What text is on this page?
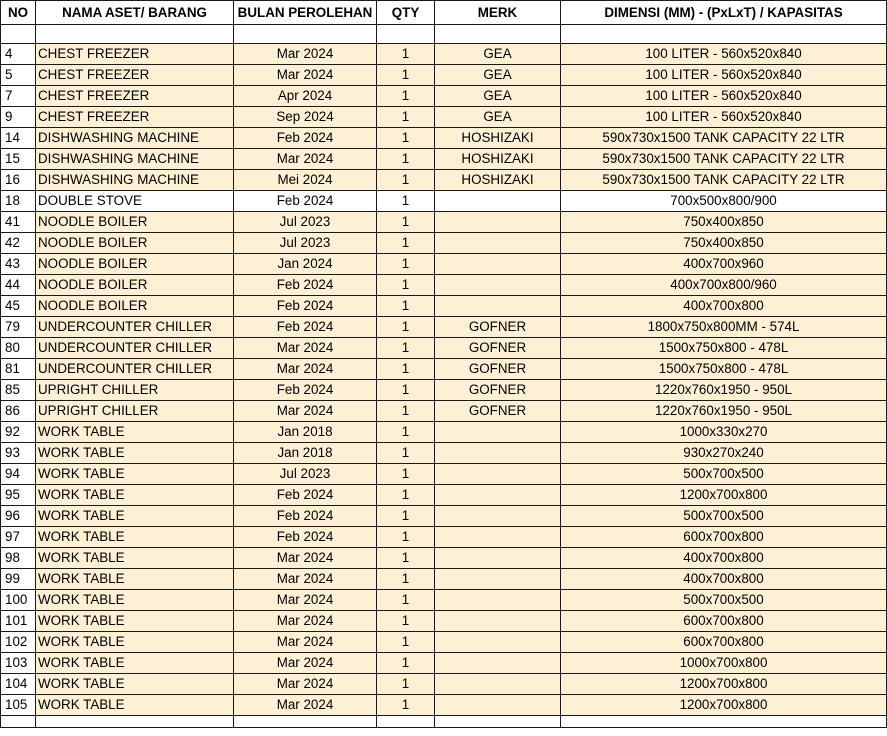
NO	NAMA ASET/ BARANG	BULAN PEROLEHAN	QTY	MERK	DIMENSI (MM) - (PxLxT) / KAPASITAS

4	CHEST FREEZER	Mar 2024	1	GEA	100 LITER - 560x520x840
5	CHEST FREEZER	Mar 2024	1	GEA	100 LITER - 560x520x840
7	CHEST FREEZER	Apr 2024	1	GEA	100 LITER - 560x520x840
9	CHEST FREEZER	Sep 2024	1	GEA	100 LITER - 560x520x840
14	DISHWASHING MACHINE	Feb 2024	1	HOSHIZAKI	590x730x1500 TANK CAPACITY 22 LTR
15	DISHWASHING MACHINE	Mar 2024	1	HOSHIZAKI	590x730x1500 TANK CAPACITY 22 LTR
16	DISHWASHING MACHINE	Mei 2024	1	HOSHIZAKI	590x730x1500 TANK CAPACITY 22 LTR
18	DOUBLE STOVE	Feb 2024	1		700x500x800/900
41	NOODLE BOILER	Jul 2023	1		750x400x850
42	NOODLE BOILER	Jul 2023	1		750x400x850
43	NOODLE BOILER	Jan 2024	1		400x700x960
44	NOODLE BOILER	Feb 2024	1		400x700x800/960
45	NOODLE BOILER	Feb 2024	1		400x700x800
79	UNDERCOUNTER CHILLER	Feb 2024	1	GOFNER	1800x750x800MM - 574L
80	UNDERCOUNTER CHILLER	Mar 2024	1	GOFNER	1500x750x800 - 478L
81	UNDERCOUNTER CHILLER	Mar 2024	1	GOFNER	1500x750x800 - 478L
85	UPRIGHT CHILLER	Feb 2024	1	GOFNER	1220x760x1950 - 950L
86	UPRIGHT CHILLER	Mar 2024	1	GOFNER	1220x760x1950 - 950L
92	WORK TABLE	Jan 2018	1		1000x330x270
93	WORK TABLE	Jan 2018	1		930x270x240
94	WORK TABLE	Jul 2023	1		500x700x500
95	WORK TABLE	Feb 2024	1		1200x700x800
96	WORK TABLE	Feb 2024	1		500x700x500
97	WORK TABLE	Feb 2024	1		600x700x800
98	WORK TABLE	Mar 2024	1		400x700x800
99	WORK TABLE	Mar 2024	1		400x700x800
100	WORK TABLE	Mar 2024	1		500x700x500
101	WORK TABLE	Mar 2024	1		600x700x800
102	WORK TABLE	Mar 2024	1		600x700x800
103	WORK TABLE	Mar 2024	1		1000x700x800
104	WORK TABLE	Mar 2024	1		1200x700x800
105	WORK TABLE	Mar 2024	1		1200x700x800
